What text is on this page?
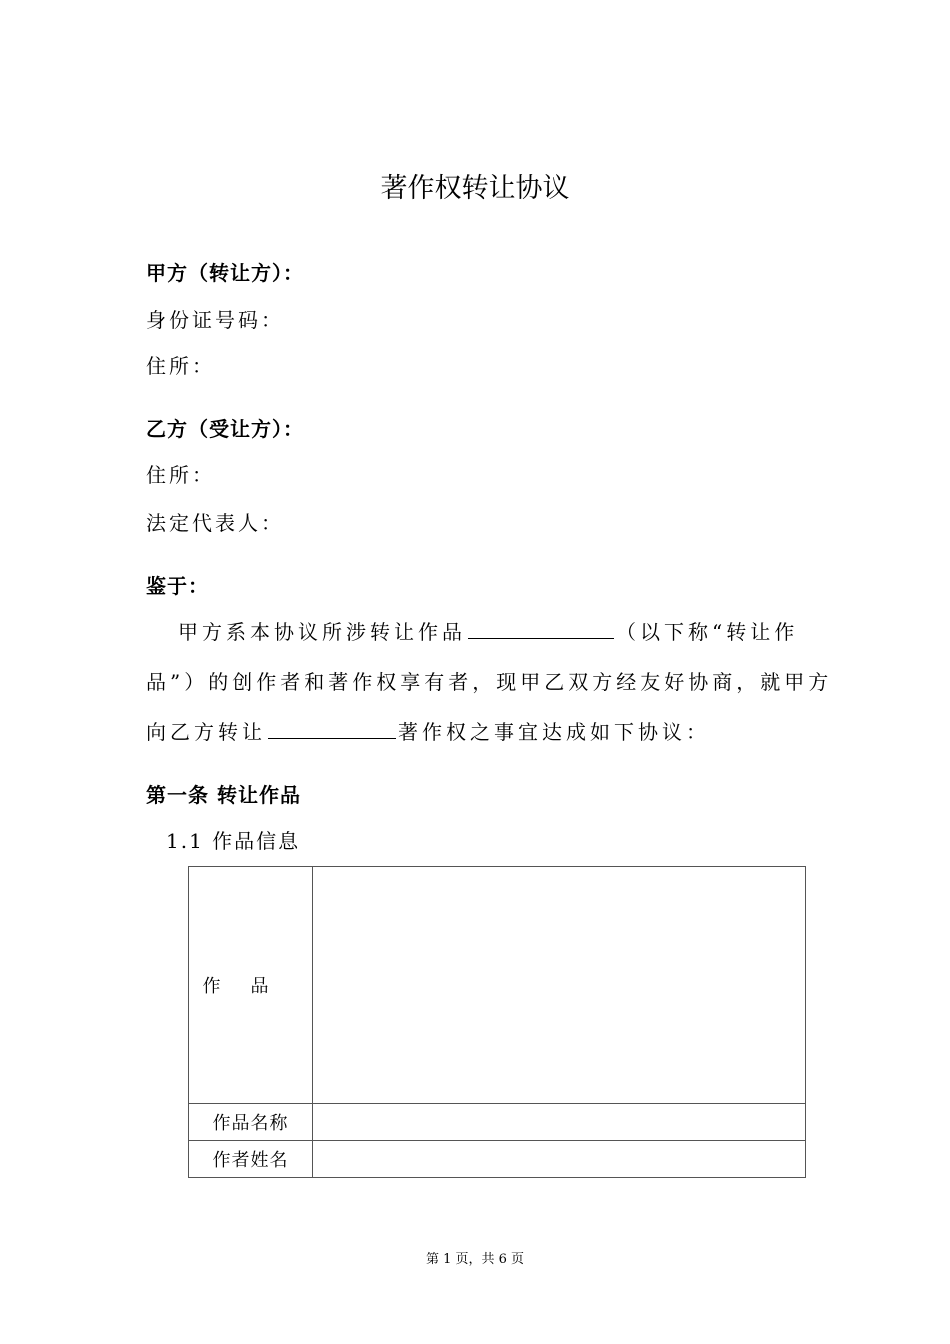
著作权转让协议
甲方（转让方）：
身份证号码：
住所：
乙方（受让方）：
住所：
法定代表人：
鉴于：
甲方系本协议所涉转让作品	（以下称“转让作
品”）的创作者和著作权享有者，现甲乙双方经友好协商，就甲方
向乙方转让	著作权之事宜达成如下协议：
第一条 转让作品
1.1 作品信息
作品	
作品名称	
作者姓名	
第 1 页，共 6 页
